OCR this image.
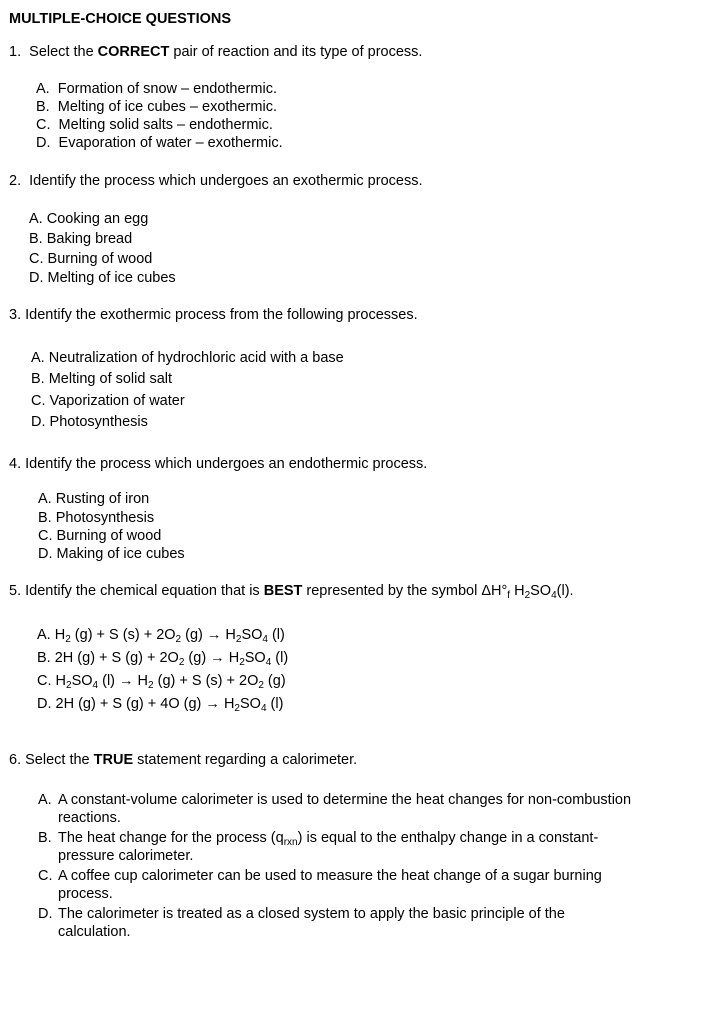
MULTIPLE-CHOICE QUESTIONS
1. Select the CORRECT pair of reaction and its type of process.
A.  Formation of snow – endothermic.
B.  Melting of ice cubes – exothermic.
C.  Melting solid salts – endothermic.
D.  Evaporation of water – exothermic.
2.  Identify the process which undergoes an exothermic process.
A. Cooking an egg
B. Baking bread
C. Burning of wood
D. Melting of ice cubes
3. Identify the exothermic process from the following processes.
A. Neutralization of hydrochloric acid with a base
B. Melting of solid salt
C. Vaporization of water
D. Photosynthesis
4. Identify the process which undergoes an endothermic process.
A. Rusting of iron
B. Photosynthesis
C. Burning of wood
D. Making of ice cubes
5. Identify the chemical equation that is BEST represented by the symbol $\Delta H^\circ_f$ $H_2SO_4(l)$.
A. $H_2$ (g) + S $(s) + 2O_2$ $(g) \to H_2SO_4$ (l)
B. 2H (g) + S $(g) + 2O_2$ $(g) \to H_2SO_4$ (l)
C. $H_2SO_4$ $(l) \to H_2$ (g) + S $(s) + 2O_2$ (g)
D. 2H (g) + S (g) + 4O $(g) \to H_2SO_4$ (l)
6. Select the TRUE statement regarding a calorimeter.
A. A constant-volume calorimeter is used to determine the heat changes for non-combustion
reactions.
B. The heat change for the process $(q_{rxn})$ is equal to the enthalpy change in a constant-
pressure calorimeter.
C. A coffee cup calorimeter can be used to measure the heat change of a sugar burning
process.
D. The calorimeter is treated as a closed system to apply the basic principle of the
calculation.
